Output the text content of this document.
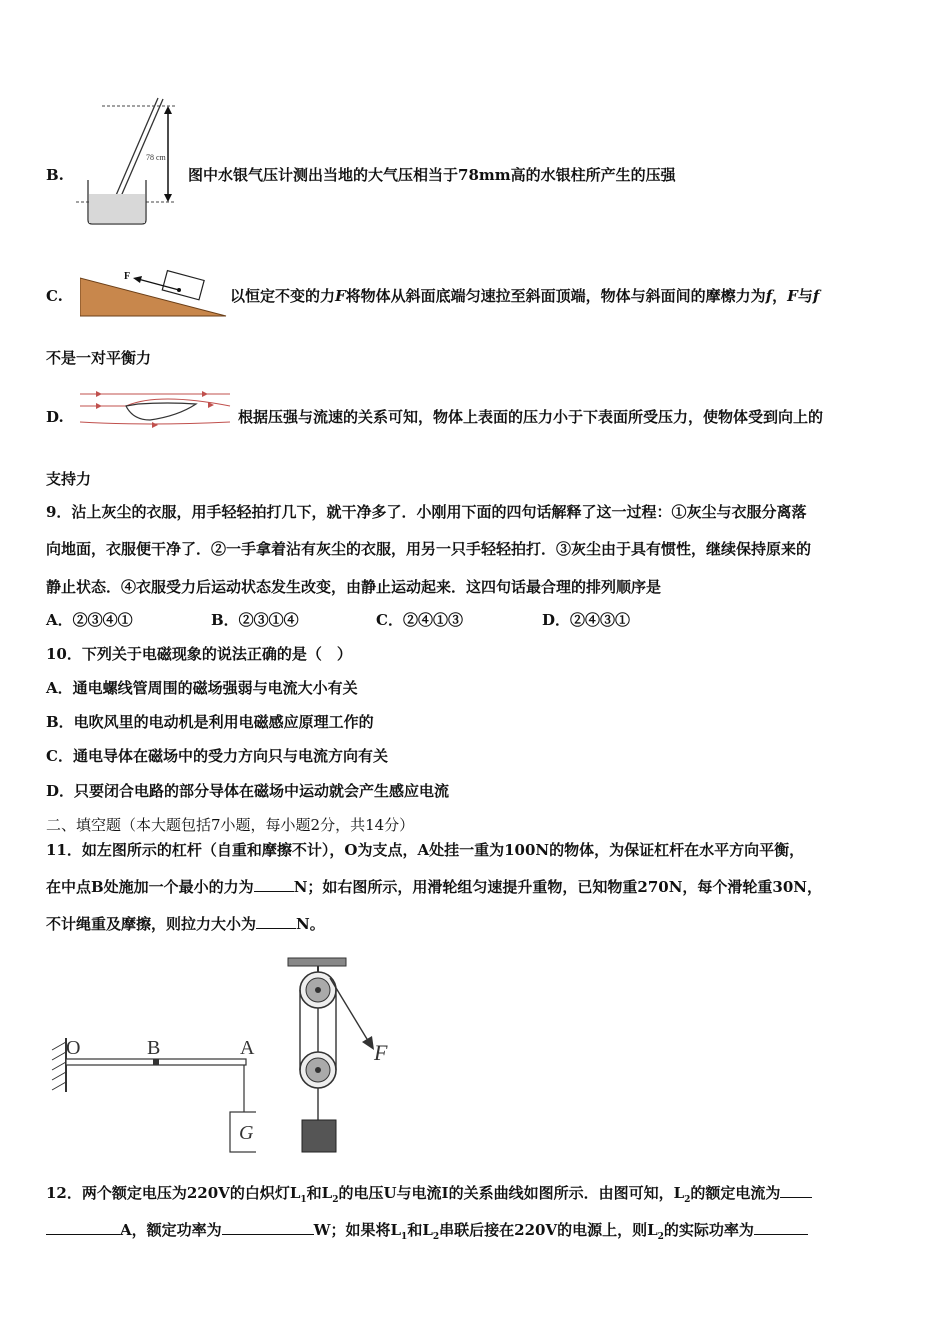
B.
78 cm
图中水银气压计测出当地的大气压相当于78mm高的水银柱所产生的压强
C.
F
以恒定不变的力F将物体从斜面底端匀速拉至斜面顶端，物体与斜面间的摩檫力为f，F与f
不是一对平衡力
D.	根据压强与流速的关系可知，物体上表面的压力小于下表面所受压力，使物体受到向上的
支持力
9．沾上灰尘的衣服，用手轻轻拍打几下，就干净多了．小刚用下面的四句话解释了这一过程：①灰尘与衣服分离落
向地面，衣服便干净了．②一手拿着沾有灰尘的衣服，用另一只手轻轻拍打．③灰尘由于具有惯性，继续保持原来的
静止状态．④衣服受力后运动状态发生改变，由静止运动起来．这四句话最合理的排列顺序是
A．②③④①	B．②③①④	C．②④①③	D．②④③①
10．下列关于电磁现象的说法正确的是（　）
A．通电螺线管周围的磁场强弱与电流大小有关
B．电吹风里的电动机是利用电磁感应原理工作的
C．通电导体在磁场中的受力方向只与电流方向有关
D．只要闭合电路的部分导体在磁场中运动就会产生感应电流
二、填空题（本大题包括7小题，每小题2分，共14分）
11．如左图所示的杠杆（自重和摩擦不计），O为支点，A处挂一重为100N的物体，为保证杠杆在水平方向平衡，
在中点B处施加一个最小的力为	N；如右图所示，用滑轮组匀速提升重物，已知物重270N，每个滑轮重30N，
不计绳重及摩擦，则拉力大小为	N。
O	B	A
G
F
12．两个额定电压为220V的白炽灯$L_1$和$L_2$的电压U与电流I的关系曲线如图所示．由图可知，$L_2$的额定电流为
A，额定功率为	W；如果将$L_1$和$L_2$串联后接在220V的电源上，则$L_2$的实际功率为
